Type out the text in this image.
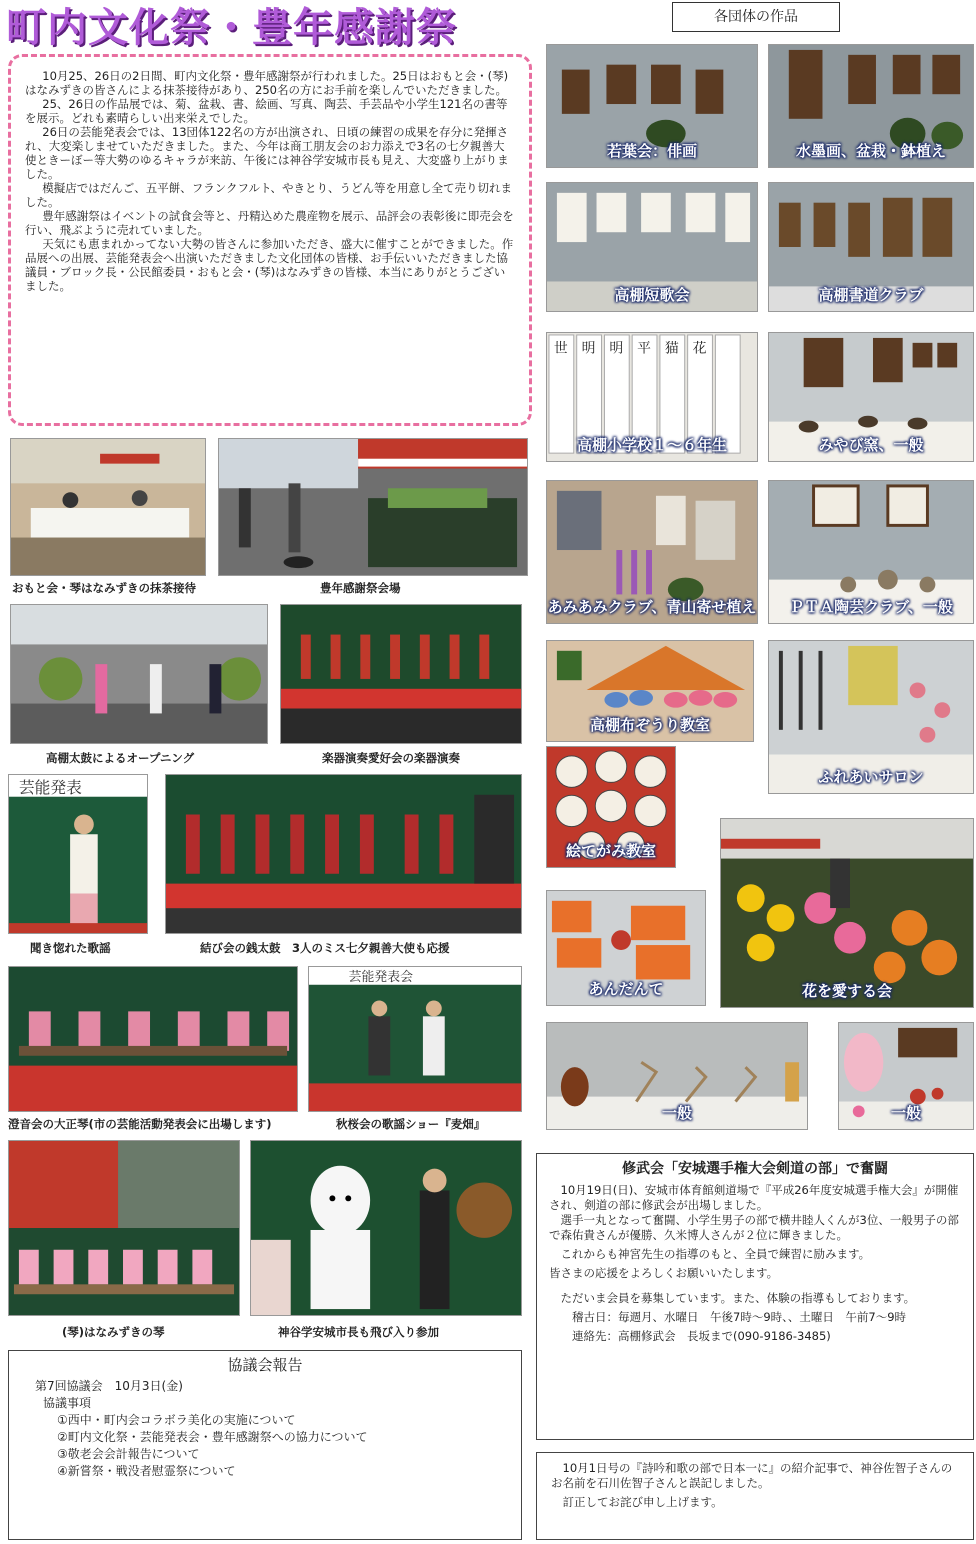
町内文化祭・豊年感謝祭

10月25、26日の2日間、町内文化祭・豊年感謝祭が行われました。25日はおもと会・(琴)はなみずきの皆さんによる抹茶接待があり、250名の方にお手前を楽しんでいただきました。

25、26日の作品展では、菊、盆栽、書、絵画、写真、陶芸、手芸品や小学生121名の書等を展示。どれも素晴らしい出来栄えでした。

26日の芸能発表会では、13団体122名の方が出演され、日頃の練習の成果を存分に発揮され、大変楽しませていただきました。また、今年は商工朋友会のお力添えで3名の七夕親善大使ときーぼー等大勢のゆるキャラが来訪、午後には神谷学安城市長も見え、大変盛り上がりました。

模擬店ではだんご、五平餅、フランクフルト、やきとり、うどん等を用意し全て売り切れました。

豊年感謝祭はイベントの試食会等と、丹精込めた農産物を展示、品評会の表彰後に即売会を行い、飛ぶように売れていました。

天気にも恵まれかってない大勢の皆さんに参加いただき、盛大に催すことができました。作品展への出展、芸能発表会へ出演いただきました文化団体の皆様、お手伝いいただきました協議員・ブロック長・公民館委員・おもと会・(琴)はなみずきの皆様、本当にありがとうございました。

各団体の作品
おもと会・琴はなみずきの抹茶接待	豊年感謝祭会場
高棚太鼓によるオープニング	楽器演奏愛好会の楽器演奏
芸能発表
聞き惚れた歌謡	結び会の銭太鼓　3人のミス七夕親善大使も応援
澄音会の大正琴(市の芸能活動発表会に出場します)
芸能発表会
秋桜会の歌謡ショー『麦畑』
(琴)はなみずきの琴	神谷学安城市長も飛び入り参加
若葉会：俳画	水墨画、盆栽・鉢植え
高棚短歌会	高棚書道クラブ
世 明 明 平 猫 花
高棚小学校１～６年生	みやび窯、一般
あみあみクラブ、青山寄せ植え	ＰＴＡ陶芸クラブ、一般
高棚布ぞうり教室
ふれあいサロン
絵てがみ教室
花を愛する会
あんだんて
一般	一般
修武会「安城選手権大会剣道の部」で奮闘

10月19日(日)、安城市体育館剣道場で『平成26年度安城選手権大会』が開催され、剣道の部に修武会が出場しました。

選手一丸となって奮闘、小学生男子の部で横井睦人くんが3位、一般男子の部で森佑貴さんが優勝、久米博人さんが２位に輝きました。

これからも神宮先生の指導のもと、全員で練習に励みます。

皆さまの応援をよろしくお願いいたします。

ただいま会員を募集しています。また、体験の指導もしております。

稽古日：毎週月、水曜日　午後7時～9時、、土曜日　午前7～9時

連絡先：高棚修武会　長坂まで(090-9186-3485)

協議会報告
第7回協議会　10月3日(金)
協議事項
①西中・町内会コラボラ美化の実施について
②町内文化祭・芸能発表会・豊年感謝祭への協力について
③敬老会会計報告について
④新嘗祭・戦没者慰霊祭について	10月1日号の『詩吟和歌の部で日本一に』の紹介記事で、神谷佐智子さんのお名前を石川佐智子さんと誤記しました。

訂正してお詫び申し上げます。
